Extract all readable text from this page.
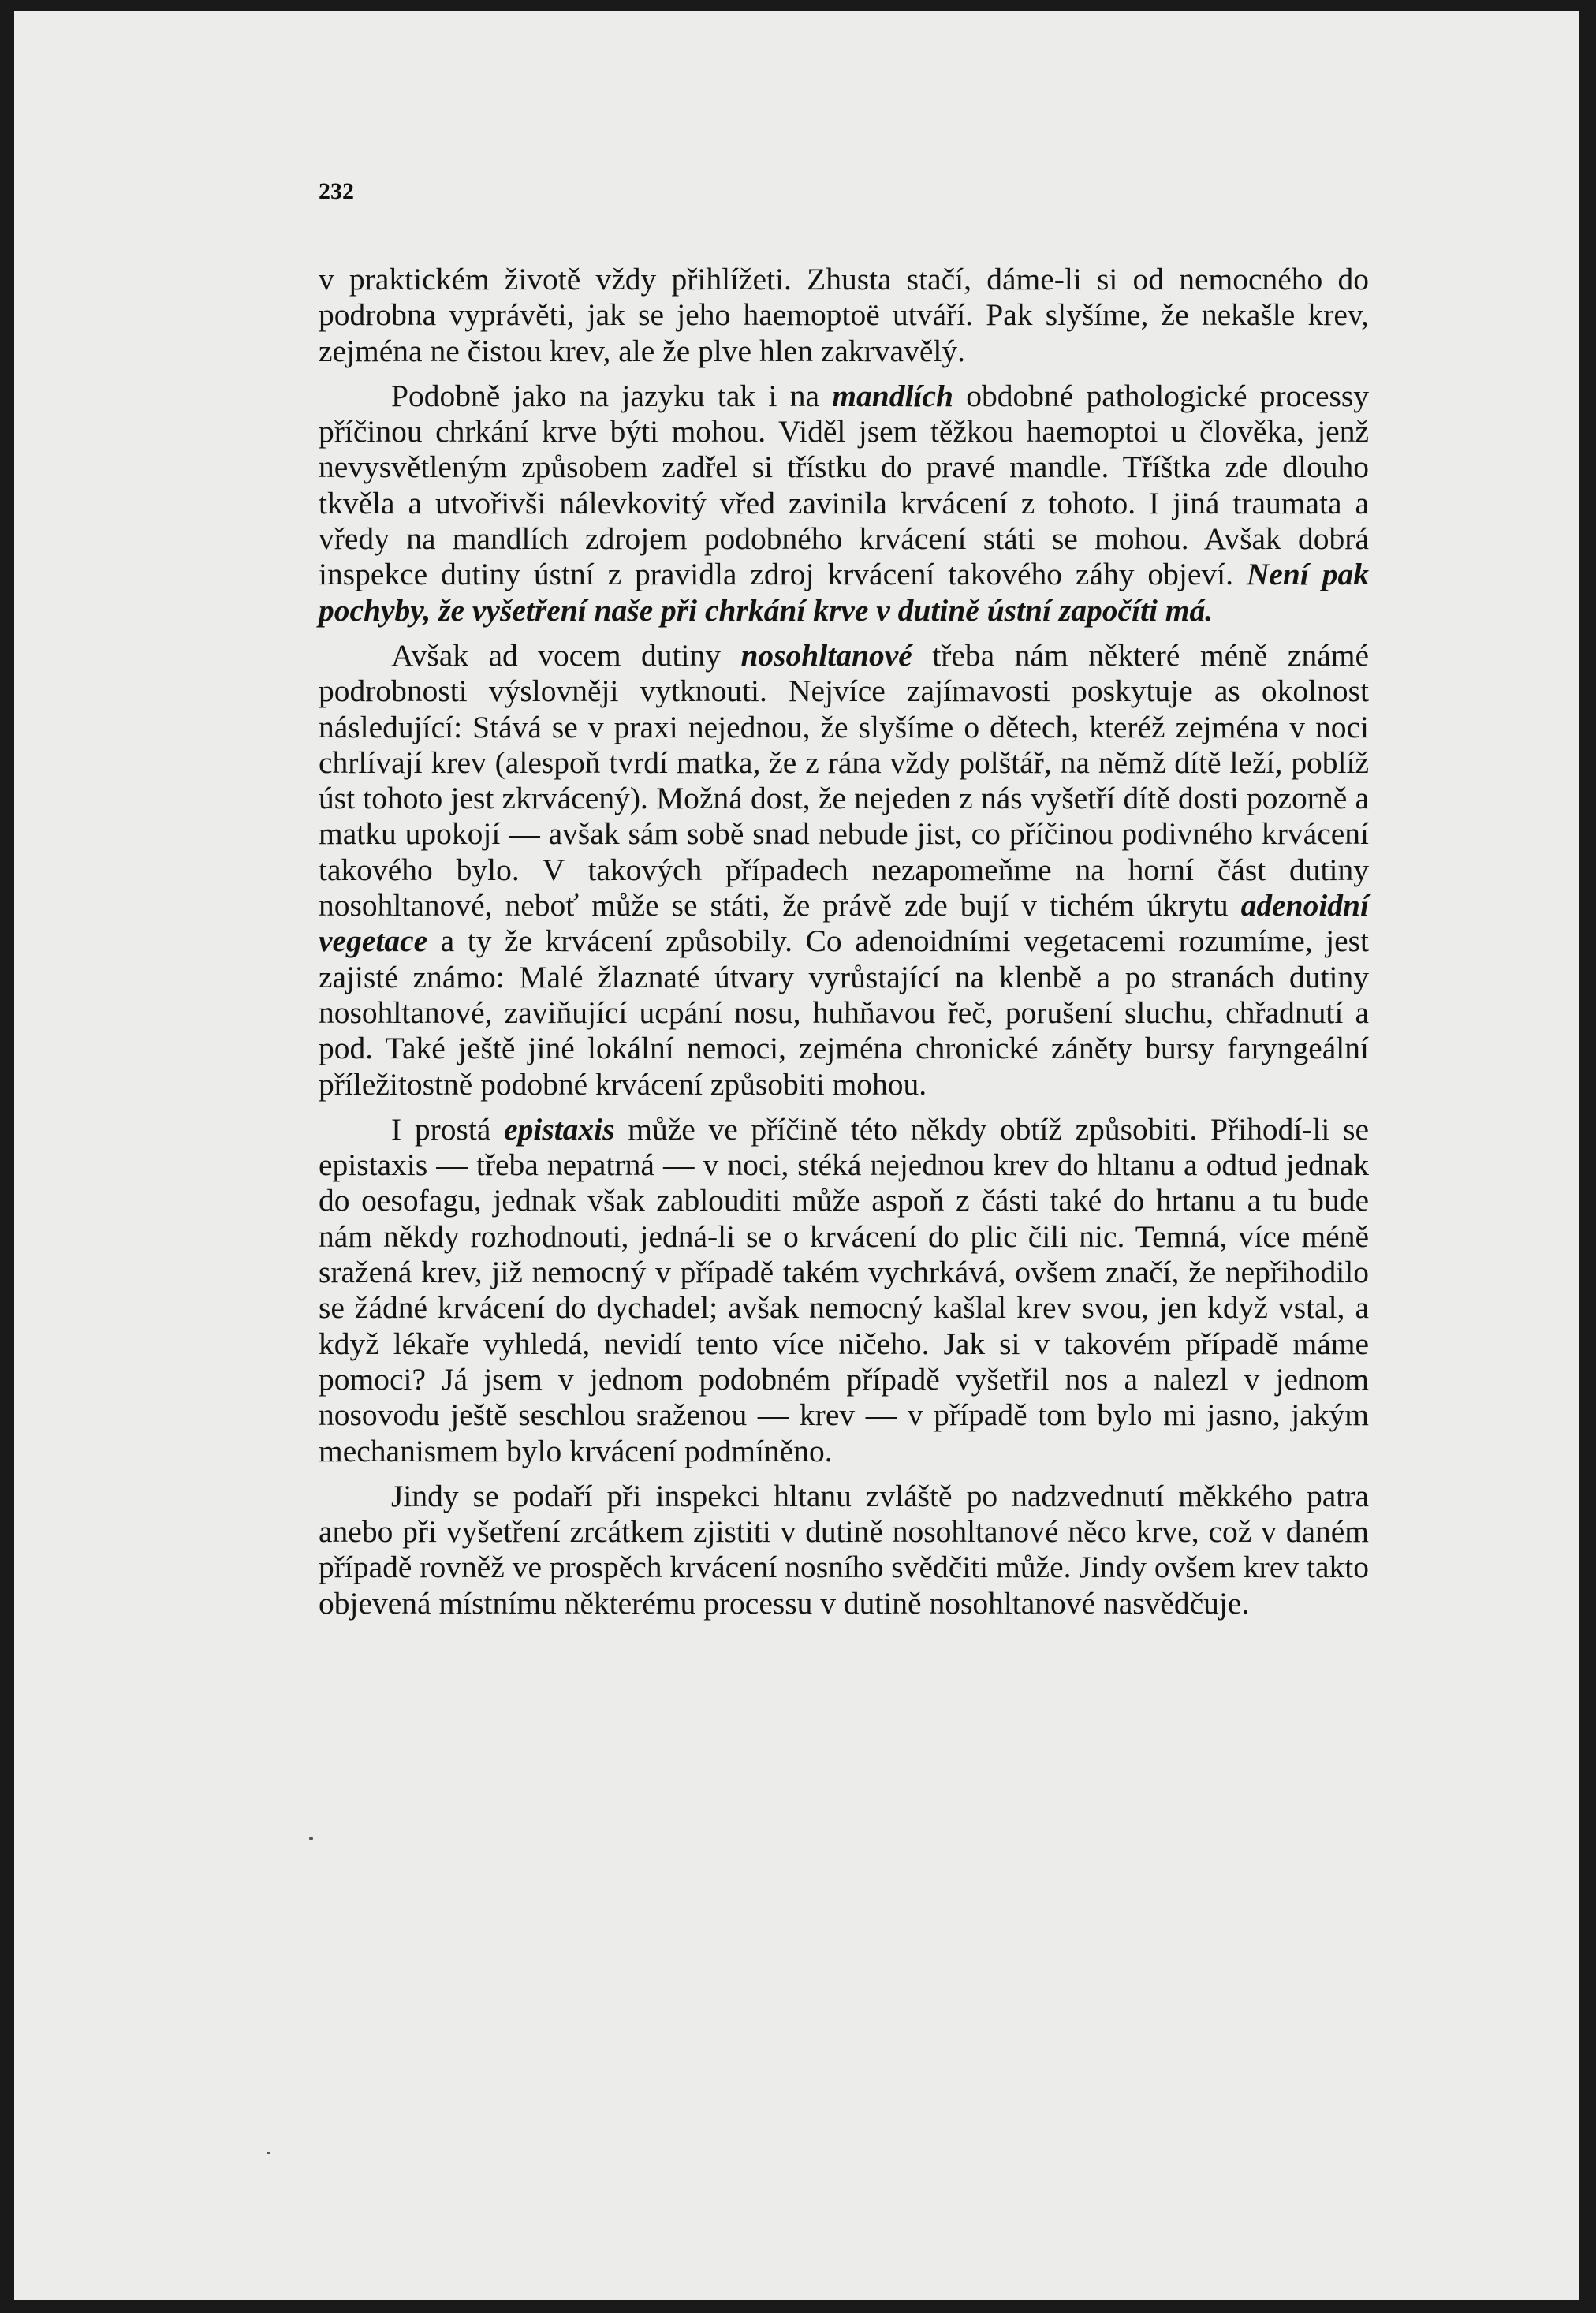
232

v praktickém životě vždy přihlížeti. Zhusta stačí, dáme-li si od nemocného do podrobna vyprávěti, jak se jeho haemoptoë utváří. Pak slyšíme, že nekašle krev, zejména ne čistou krev, ale že plve hlen zakrvavělý.

Podobně jako na jazyku tak i na mandlích obdobné pathologické processy příčinou chrkání krve býti mohou. Viděl jsem těžkou haemoptoi u člověka, jenž nevysvětleným způsobem zadřel si třístku do pravé mandle. Tříštka zde dlouho tkvěla a utvořivši nálevkovitý vřed zavinila krvácení z tohoto. I jiná traumata a vředy na mandlích zdrojem podobného krvácení státi se mohou. Avšak dobrá inspekce dutiny ústní z pravidla zdroj krvácení takového záhy objeví. Není pak pochyby, že vyšetření naše při chrkání krve v dutině ústní započíti má.

Avšak ad vocem dutiny nosohltanové třeba nám některé méně známé podrobnosti výslovněji vytknouti. Nejvíce zajímavosti poskytuje as okolnost následující: Stává se v praxi nejednou, že slyšíme o dětech, kteréž zejména v noci chrlívají krev (alespoň tvrdí matka, že z rána vždy polštář, na němž dítě leží, poblíž úst tohoto jest zkrvácený). Možná dost, že nejeden z nás vyšetří dítě dosti pozorně a matku upokojí — avšak sám sobě snad nebude jist, co příčinou podivného krvácení takového bylo. V takových případech nezapomeňme na horní část dutiny nosohltanové, neboť může se státi, že právě zde bují v tichém úkrytu adenoidní vegetace a ty že krvácení způsobily. Co adenoidními vegetacemi rozumíme, jest zajisté známo: Malé žlaznaté útvary vyrůstající na klenbě a po stranách dutiny nosohltanové, zaviňující ucpání nosu, huhňavou řeč, porušení sluchu, chřadnutí a pod. Také ještě jiné lokální nemoci, zejména chronické záněty bursy faryngeální příležitostně podobné krvácení způsobiti mohou.

I prostá epistaxis může ve příčině této někdy obtíž způsobiti. Přihodí-li se epistaxis — třeba nepatrná — v noci, stéká nejednou krev do hltanu a odtud jednak do oesofagu, jednak však zablouditi může aspoň z části také do hrtanu a tu bude nám někdy rozhodnouti, jedná-li se o krvácení do plic čili nic. Temná, více méně sražená krev, již nemocný v případě takém vychrkává, ovšem značí, že nepřihodilo se žádné krvácení do dychadel; avšak nemocný kašlal krev svou, jen když vstal, a když lékaře vyhledá, nevidí tento více ničeho. Jak si v takovém případě máme pomoci? Já jsem v jednom podobném případě vyšetřil nos a nalezl v jednom nosovodu ještě seschlou sraženou — krev — v případě tom bylo mi jasno, jakým mechanismem bylo krvácení podmíněno.

Jindy se podaří při inspekci hltanu zvláště po nadzvednutí měkkého patra anebo při vyšetření zrcátkem zjistiti v dutině nosohltanové něco krve, což v daném případě rovněž ve prospěch krvácení nosního svědčiti může. Jindy ovšem krev takto objevená místnímu některému processu v dutině nosohltanové nasvědčuje.
